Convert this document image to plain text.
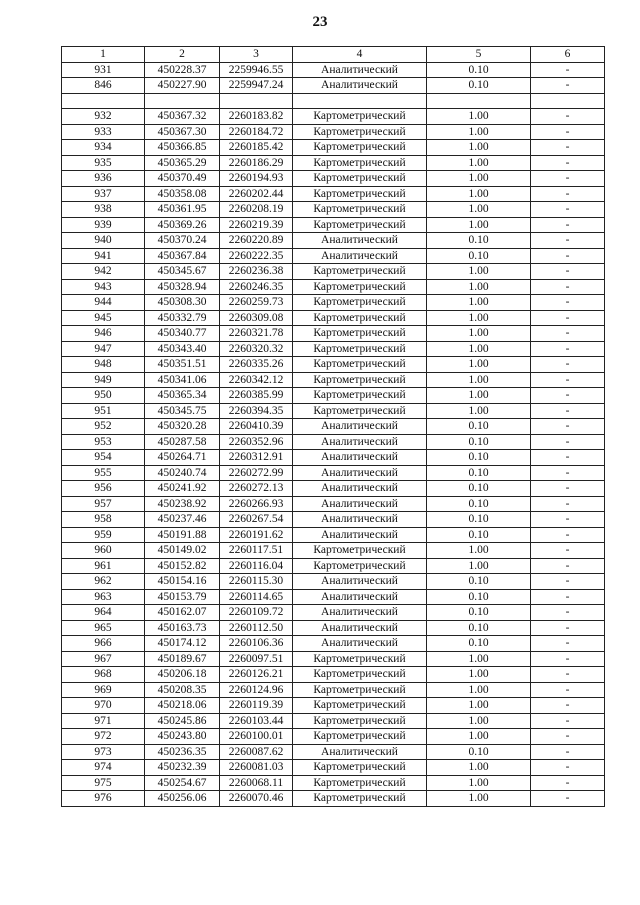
23
1	2	3	4	5	6
931	450228.37	2259946.55	Аналитический	0.10	-
846	450227.90	2259947.24	Аналитический	0.10	-

932	450367.32	2260183.82	Картометрический	1.00	-
933	450367.30	2260184.72	Картометрический	1.00	-
934	450366.85	2260185.42	Картометрический	1.00	-
935	450365.29	2260186.29	Картометрический	1.00	-
936	450370.49	2260194.93	Картометрический	1.00	-
937	450358.08	2260202.44	Картометрический	1.00	-
938	450361.95	2260208.19	Картометрический	1.00	-
939	450369.26	2260219.39	Картометрический	1.00	-
940	450370.24	2260220.89	Аналитический	0.10	-
941	450367.84	2260222.35	Аналитический	0.10	-
942	450345.67	2260236.38	Картометрический	1.00	-
943	450328.94	2260246.35	Картометрический	1.00	-
944	450308.30	2260259.73	Картометрический	1.00	-
945	450332.79	2260309.08	Картометрический	1.00	-
946	450340.77	2260321.78	Картометрический	1.00	-
947	450343.40	2260320.32	Картометрический	1.00	-
948	450351.51	2260335.26	Картометрический	1.00	-
949	450341.06	2260342.12	Картометрический	1.00	-
950	450365.34	2260385.99	Картометрический	1.00	-
951	450345.75	2260394.35	Картометрический	1.00	-
952	450320.28	2260410.39	Аналитический	0.10	-
953	450287.58	2260352.96	Аналитический	0.10	-
954	450264.71	2260312.91	Аналитический	0.10	-
955	450240.74	2260272.99	Аналитический	0.10	-
956	450241.92	2260272.13	Аналитический	0.10	-
957	450238.92	2260266.93	Аналитический	0.10	-
958	450237.46	2260267.54	Аналитический	0.10	-
959	450191.88	2260191.62	Аналитический	0.10	-
960	450149.02	2260117.51	Картометрический	1.00	-
961	450152.82	2260116.04	Картометрический	1.00	-
962	450154.16	2260115.30	Аналитический	0.10	-
963	450153.79	2260114.65	Аналитический	0.10	-
964	450162.07	2260109.72	Аналитический	0.10	-
965	450163.73	2260112.50	Аналитический	0.10	-
966	450174.12	2260106.36	Аналитический	0.10	-
967	450189.67	2260097.51	Картометрический	1.00	-
968	450206.18	2260126.21	Картометрический	1.00	-
969	450208.35	2260124.96	Картометрический	1.00	-
970	450218.06	2260119.39	Картометрический	1.00	-
971	450245.86	2260103.44	Картометрический	1.00	-
972	450243.80	2260100.01	Картометрический	1.00	-
973	450236.35	2260087.62	Аналитический	0.10	-
974	450232.39	2260081.03	Картометрический	1.00	-
975	450254.67	2260068.11	Картометрический	1.00	-
976	450256.06	2260070.46	Картометрический	1.00	-
